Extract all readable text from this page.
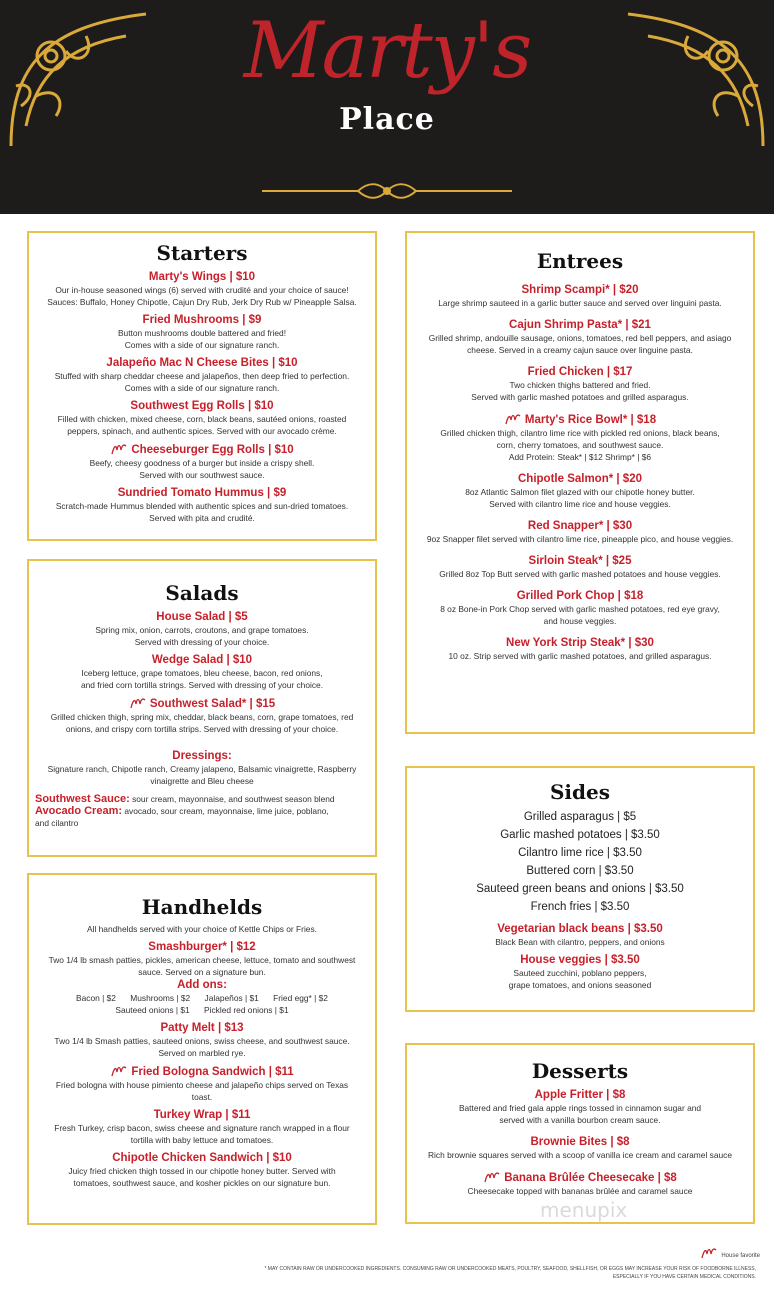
Marty's
Place
Starters
Marty's Wings | $10
Our in-house seasoned wings (6) served with crudité and your choice of sauce!
Sauces: Buffalo, Honey Chipotle, Cajun Dry Rub, Jerk Dry Rub w/ Pineapple Salsa.
Fried Mushrooms | $9
Button mushrooms double battered and fried!
Comes with a side of our signature ranch.
Jalapeño Mac N Cheese Bites | $10
Stuffed with sharp cheddar cheese and jalapeños, then deep fried to perfection.
Comes with a side of our signature ranch.
Southwest Egg Rolls | $10
Filled with chicken, mixed cheese, corn, black beans, sautéed onions, roasted
peppers, spinach, and authentic spices. Served with our avocado crème.
Cheeseburger Egg Rolls | $10
Beefy, cheesy goodness of a burger but inside a crispy shell.
Served with our southwest sauce.
Sundried Tomato Hummus | $9
Scratch-made Hummus blended with authentic spices and sun-dried tomatoes.
Served with pita and crudité.
Salads
House Salad | $5
Spring mix, onion, carrots, croutons, and grape tomatoes.
Served with dressing of your choice.
Wedge Salad | $10
Iceberg lettuce, grape tomatoes, bleu cheese, bacon, red onions,
and fried corn tortilla strings. Served with dressing of your choice.
Southwest Salad* | $15
Grilled chicken thigh, spring mix, cheddar, black beans, corn, grape tomatoes, red
onions, and crispy corn tortilla strips. Served with dressing of your choice.
Dressings:
Signature ranch, Chipotle ranch, Creamy jalapeno, Balsamic vinaigrette, Raspberry
vinaigrette and Bleu cheese
Southwest Sauce: sour cream, mayonnaise, and southwest season blend
Avocado Cream: avocado, sour cream, mayonnaise, lime juice, poblano,
and cilantro
Handhelds
All handhelds served with your choice of Kettle Chips or Fries.
Smashburger* | $12
Two 1/4 lb smash patties, pickles, american cheese, lettuce, tomato and southwest
sauce. Served on a signature bun.
Add ons:
Bacon | $2 Mushrooms | $2 Jalapeños | $1 Fried egg* | $2
Sauteed onions | $1 Pickled red onions | $1
Patty Melt | $13
Two 1/4 lb Smash patties, sauteed onions, swiss cheese, and southwest sauce.
Served on marbled rye.
Fried Bologna Sandwich | $11
Fried bologna with house pimiento cheese and jalapeño chips served on Texas
toast.
Turkey Wrap | $11
Fresh Turkey, crisp bacon, swiss cheese and signature ranch wrapped in a flour
tortilla with baby lettuce and tomatoes.
Chipotle Chicken Sandwich | $10
Juicy fried chicken thigh tossed in our chipotle honey butter. Served with
tomatoes, southwest sauce, and kosher pickles on our signature bun.
Entrees
Shrimp Scampi* | $20
Large shrimp sauteed in a garlic butter sauce and served over linguini pasta.
Cajun Shrimp Pasta* | $21
Grilled shrimp, andouille sausage, onions, tomatoes, red bell peppers, and asiago
cheese. Served in a creamy cajun sauce over linguine pasta.
Fried Chicken | $17
Two chicken thighs battered and fried.
Served with garlic mashed potatoes and grilled asparagus.
Marty's Rice Bowl* | $18
Grilled chicken thigh, cilantro lime rice with pickled red onions, black beans,
corn, cherry tomatoes, and southwest sauce.
Add Protein: Steak* | $12 Shrimp* | $6
Chipotle Salmon* | $20
8oz Atlantic Salmon filet glazed with our chipotle honey butter.
Served with cilantro lime rice and house veggies.
Red Snapper* | $30
9oz Snapper filet served with cilantro lime rice, pineapple pico, and house veggies.
Sirloin Steak* | $25
Grilled 8oz Top Butt served with garlic mashed potatoes and house veggies.
Grilled Pork Chop | $18
8 oz Bone-in Pork Chop served with garlic mashed potatoes, red eye gravy,
and house veggies.
New York Strip Steak* | $30
10 oz. Strip served with garlic mashed potatoes, and grilled asparagus.
Sides
Grilled asparagus | $5
Garlic mashed potatoes | $3.50
Cilantro lime rice | $3.50
Buttered corn | $3.50
Sauteed green beans and onions | $3.50
French fries | $3.50
Vegetarian black beans | $3.50
Black Bean with cilantro, peppers, and onions
House veggies | $3.50
Sauteed zucchini, poblano peppers,
grape tomatoes, and onions seasoned
Desserts
Apple Fritter | $8
Battered and fried gala apple rings tossed in cinnamon sugar and
served with a vanilla bourbon cream sauce.
Brownie Bites | $8
Rich brownie squares served with a scoop of vanilla ice cream and caramel sauce
Banana Brûlée Cheesecake | $8
Cheesecake topped with bananas brûlée and caramel sauce
menupix
House favorite
* MAY CONTAIN RAW OR UNDERCOOKED INGREDIENTS. CONSUMING RAW OR UNDERCOOKED MEATS, POULTRY, SEAFOOD, SHELLFISH, OR EGGS MAY INCREASE YOUR RISK OF FOODBORNE ILLNESS,
ESPECIALLY IF YOU HAVE CERTAIN MEDICAL CONDITIONS.
